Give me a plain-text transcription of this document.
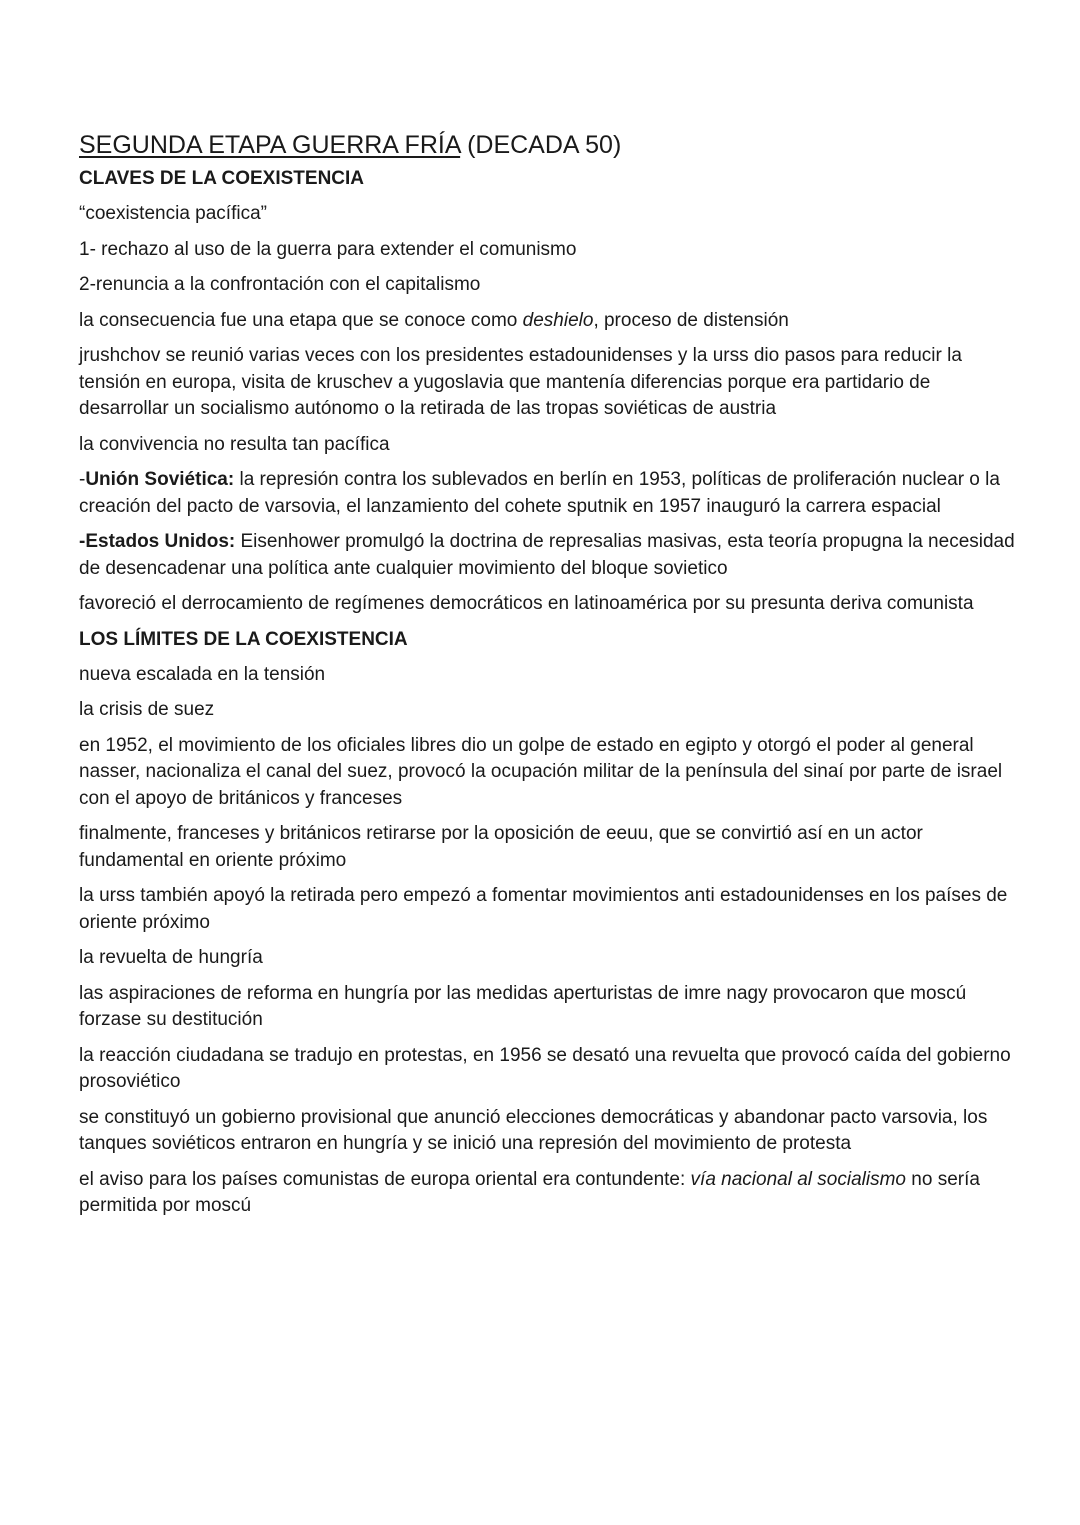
SEGUNDA ETAPA GUERRA FRÍA (DECADA 50)
CLAVES DE LA COEXISTENCIA

“coexistencia pacífica”

1- rechazo al uso de la guerra para extender el comunismo

2-renuncia a la confrontación con el capitalismo

la consecuencia fue una etapa que se conoce como deshielo, proceso de distensión

jrushchov se reunió varias veces con los presidentes estadounidenses y la urss dio pasos para reducir la tensión en europa, visita de kruschev a yugoslavia que mantenía diferencias porque era partidario de desarrollar un socialismo autónomo o la retirada de las tropas soviéticas de austria

la convivencia no resulta tan pacífica

-Unión Soviética: la represión contra los sublevados en berlín en 1953, políticas de proliferación nuclear o la creación del pacto de varsovia, el lanzamiento del cohete sputnik en 1957 inauguró la carrera espacial

-Estados Unidos: Eisenhower promulgó la doctrina de represalias masivas, esta teoría propugna la necesidad de desencadenar una política ante cualquier movimiento del bloque sovietico

favoreció el derrocamiento de regímenes democráticos en latinoamérica por su presunta deriva comunista

LOS LÍMITES DE LA COEXISTENCIA

nueva escalada en la tensión

la crisis de suez

en 1952, el movimiento de los oficiales libres dio un golpe de estado en egipto y otorgó el poder al general nasser, nacionaliza el canal del suez, provocó la ocupación militar de la península del sinaí por parte de israel con el apoyo de británicos y franceses

finalmente, franceses y británicos retirarse por la oposición de eeuu, que se convirtió así en un actor fundamental en oriente próximo

la urss también apoyó la retirada pero empezó a fomentar movimientos anti estadounidenses en los países de oriente próximo

la revuelta de hungría

las aspiraciones de reforma en hungría por las medidas aperturistas de imre nagy provocaron que moscú forzase su destitución

la reacción ciudadana se tradujo en protestas, en 1956 se desató una revuelta que provocó caída del gobierno prosoviético

se constituyó un gobierno provisional que anunció elecciones democráticas y abandonar pacto varsovia, los tanques soviéticos entraron en hungría y se inició una represión del movimiento de protesta

el aviso para los países comunistas de europa oriental era contundente: vía nacional al socialismo no sería permitida por moscú
